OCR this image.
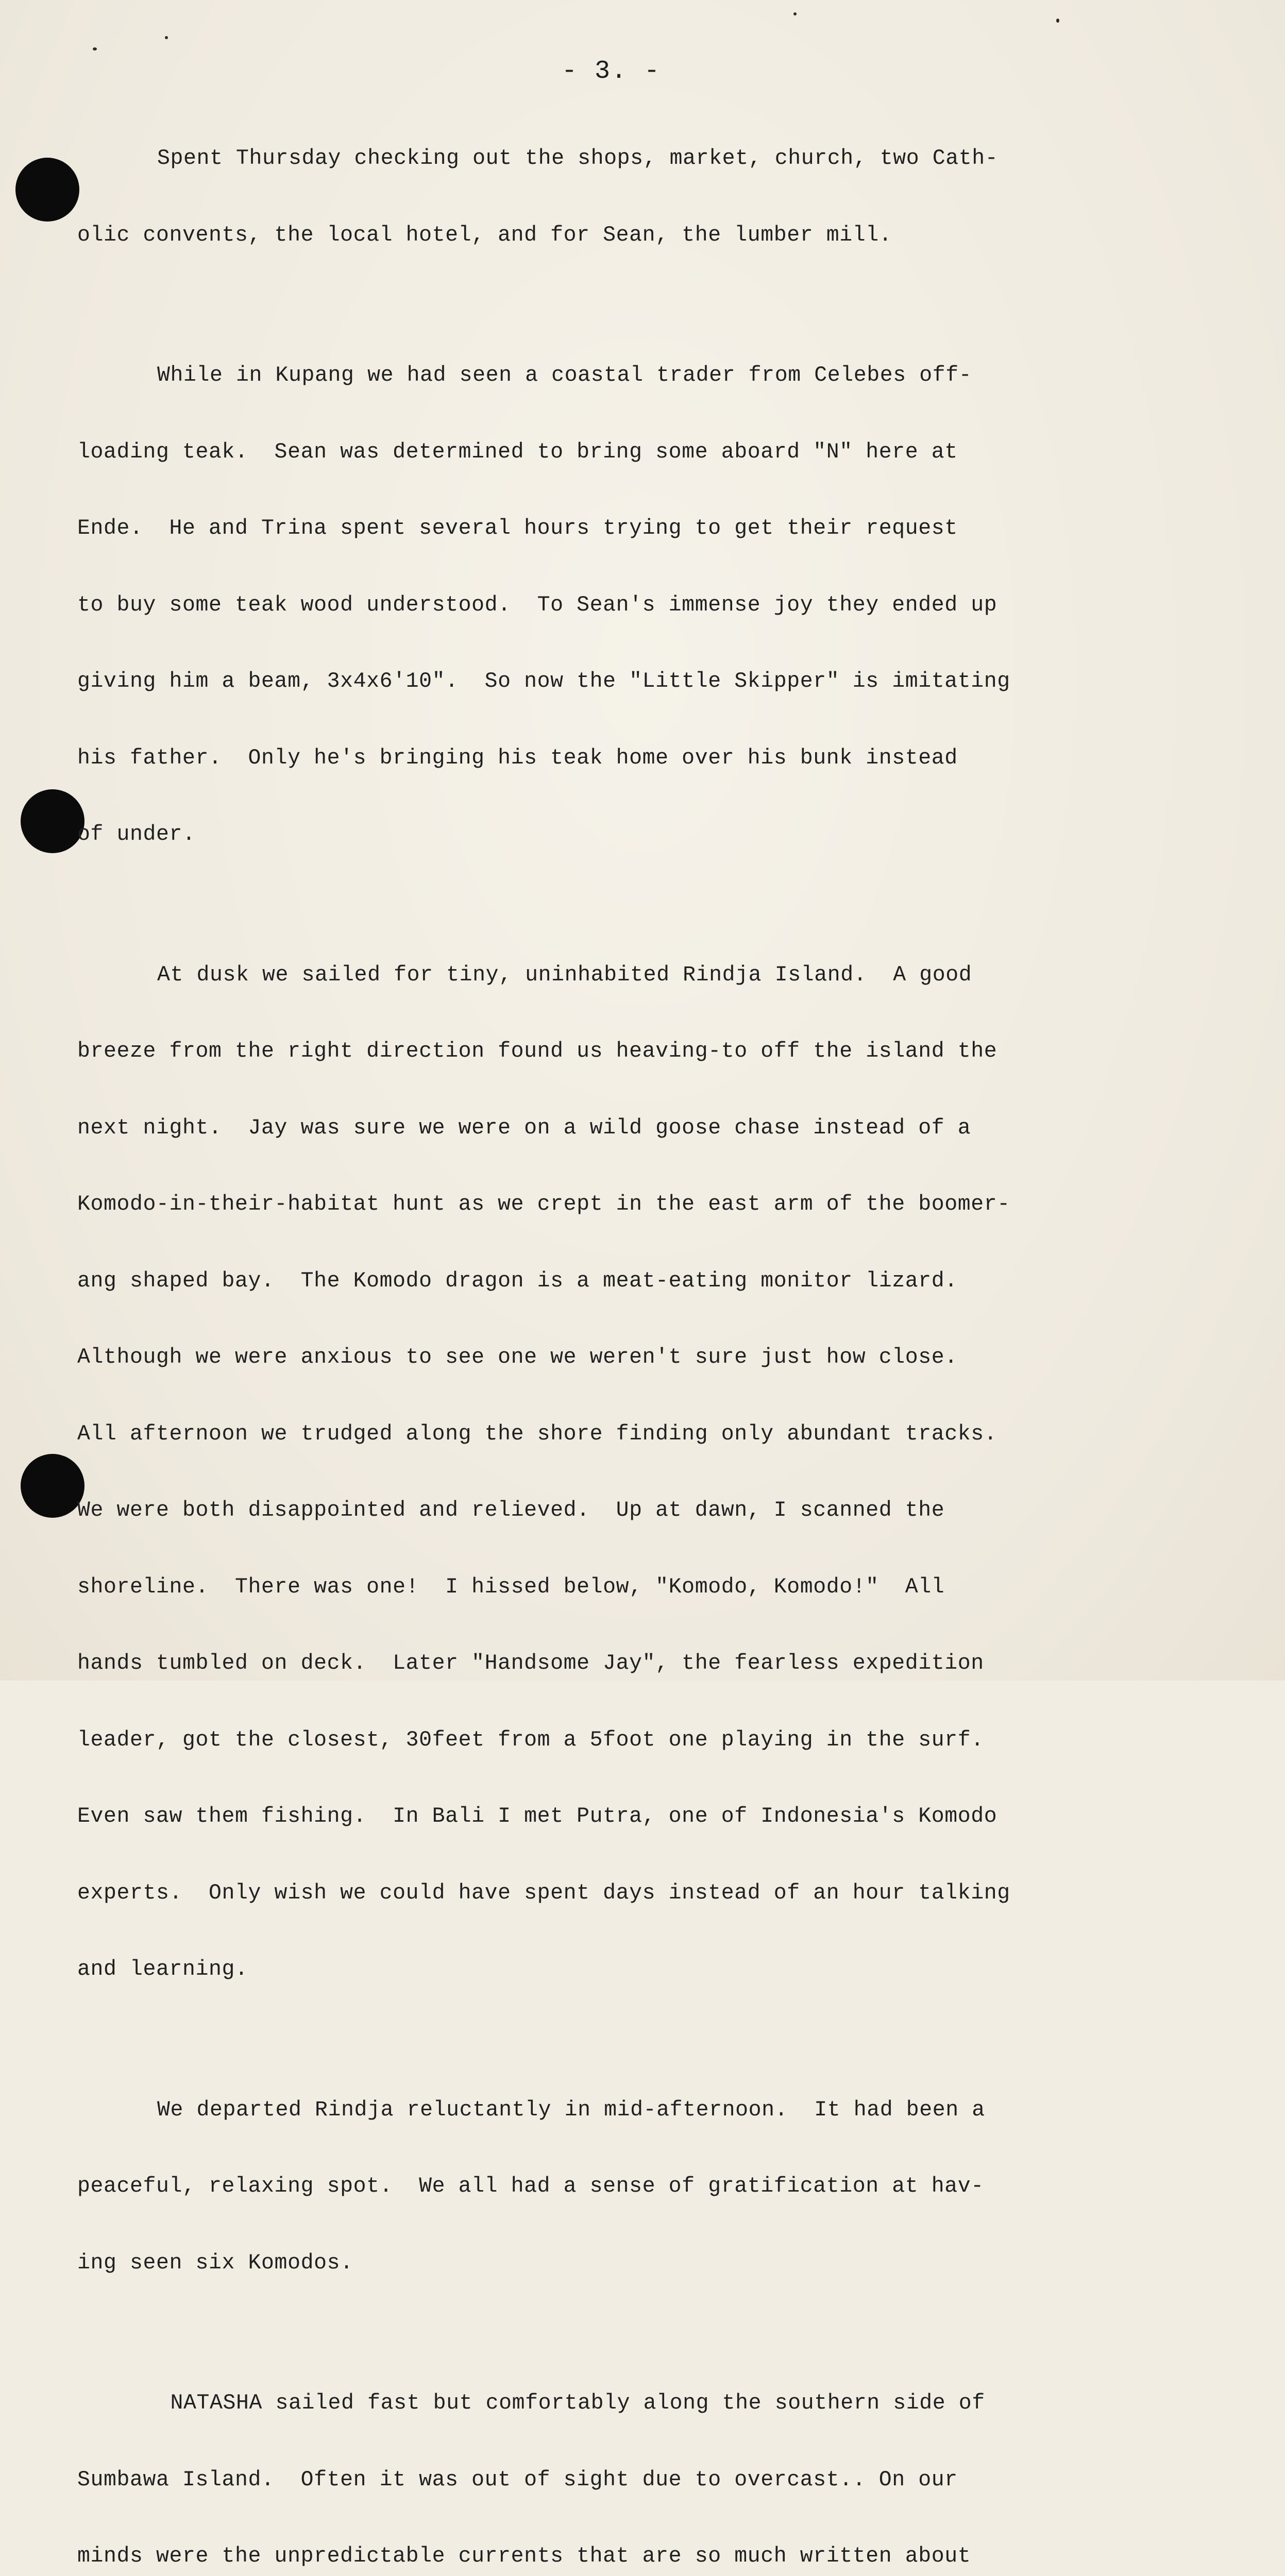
- 3. -

Spent Thursday checking out the shops, market, church, two Cath-

olic convents, the local hotel, and for Sean, the lumber mill.

While in Kupang we had seen a coastal trader from Celebes off-

loading teak.  Sean was determined to bring some aboard "N" here at

Ende.  He and Trina spent several hours trying to get their request

to buy some teak wood understood.  To Sean's immense joy they ended up

giving him a beam, 3x4x6'10".  So now the "Little Skipper" is imitating

his father.  Only he's bringing his teak home over his bunk instead

of under.

At dusk we sailed for tiny, uninhabited Rindja Island.  A good

breeze from the right direction found us heaving-to off the island the

next night.  Jay was sure we were on a wild goose chase instead of a

Komodo-in-their-habitat hunt as we crept in the east arm of the boomer-

ang shaped bay.  The Komodo dragon is a meat-eating monitor lizard.

Although we were anxious to see one we weren't sure just how close.

All afternoon we trudged along the shore finding only abundant tracks.

We were both disappointed and relieved.  Up at dawn, I scanned the

shoreline.  There was one!  I hissed below, "Komodo, Komodo!"  All

hands tumbled on deck.  Later "Handsome Jay", the fearless expedition

leader, got the closest, 30feet from a 5foot one playing in the surf.

Even saw them fishing.  In Bali I met Putra, one of Indonesia's Komodo

experts.  Only wish we could have spent days instead of an hour talking

and learning.

We departed Rindja reluctantly in mid-afternoon.  It had been a

peaceful, relaxing spot.  We all had a sense of gratification at hav-

ing seen six Komodos.

NATASHA sailed fast but comfortably along the southern side of

Sumbawa Island.  Often it was out of sight due to overcast.. On our

minds were the unpredictable currents that are so much written about
